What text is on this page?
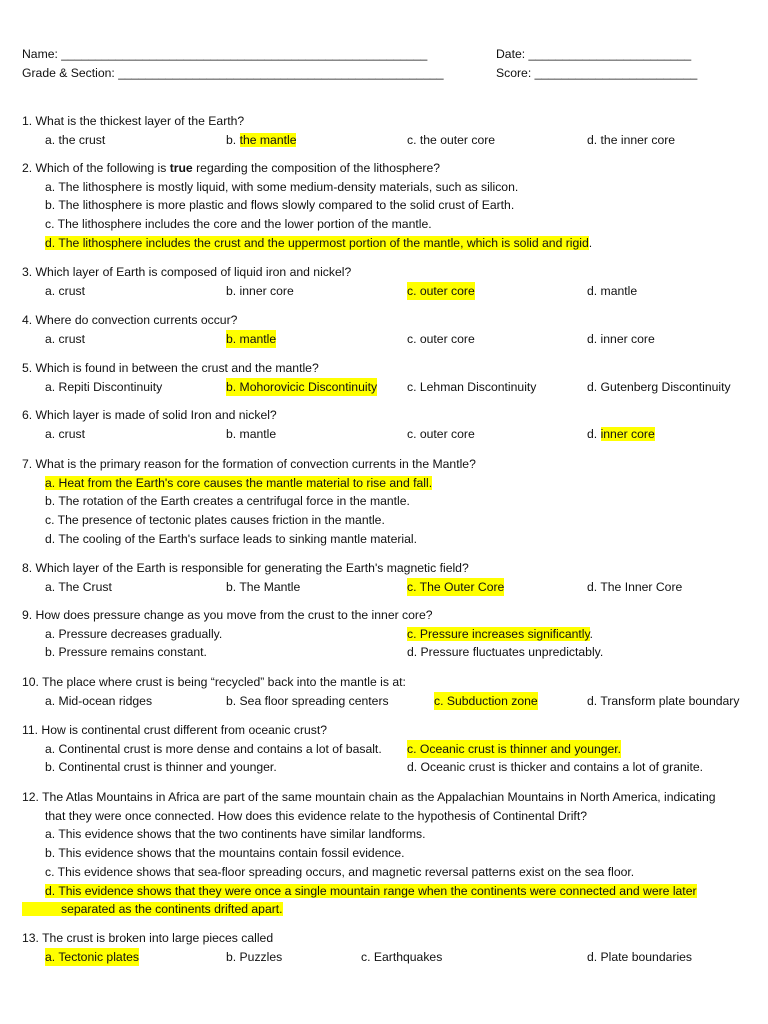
Name: ______________________________________________________
Grade & Section: ________________________________________________
Date: ________________________
Score: ________________________
1. What is the thickest layer of the Earth?
a. the crust	b. the mantle	c. the outer core	d. the inner core
2. Which of the following is true regarding the composition of the lithosphere?
a. The lithosphere is mostly liquid, with some medium-density materials, such as silicon.
b. The lithosphere is more plastic and flows slowly compared to the solid crust of Earth.
c. The lithosphere includes the core and the lower portion of the mantle.
d. The lithosphere includes the crust and the uppermost portion of the mantle, which is solid and rigid.
3. Which layer of Earth is composed of liquid iron and nickel?
a. crust	b. inner core	c. outer core	d. mantle
4. Where do convection currents occur?
a. crust	b. mantle	c. outer core	d. inner core
5. Which is found in between the crust and the mantle?
a. Repiti Discontinuity	b. Mohorovicic Discontinuity c. Lehman Discontinuity	d. Gutenberg Discontinuity
6. Which layer is made of solid Iron and nickel?
a. crust	b. mantle	c. outer core	d. inner core
7. What is the primary reason for the formation of convection currents in the Mantle?
a. Heat from the Earth's core causes the mantle material to rise and fall.
b. The rotation of the Earth creates a centrifugal force in the mantle.
c. The presence of tectonic plates causes friction in the mantle.
d. The cooling of the Earth's surface leads to sinking mantle material.
8. Which layer of the Earth is responsible for generating the Earth's magnetic field?
a. The Crust	b. The Mantle	c. The Outer Core	d. The Inner Core
9. How does pressure change as you move from the crust to the inner core?
a. Pressure decreases gradually.	c. Pressure increases significantly.
b. Pressure remains constant.	d. Pressure fluctuates unpredictably.
10. The place where crust is being “recycled” back into the mantle is at:
a. Mid-ocean ridges	b. Sea floor spreading centers	c. Subduction zone	d. Transform plate boundary
11. How is continental crust different from oceanic crust?
a. Continental crust is more dense and contains a lot of basalt. c. Oceanic crust is thinner and younger.
b. Continental crust is thinner and younger.	d. Oceanic crust is thicker and contains a lot of granite.
12. The Atlas Mountains in Africa are part of the same mountain chain as the Appalachian Mountains in North America, indicating
that they were once connected. How does this evidence relate to the hypothesis of Continental Drift?
a. This evidence shows that the two continents have similar landforms.
b. This evidence shows that the mountains contain fossil evidence.
c. This evidence shows that sea-floor spreading occurs, and magnetic reversal patterns exist on the sea floor.
d. This evidence shows that they were once a single mountain range when the continents were connected and were later
separated as the continents drifted apart.
13. The crust is broken into large pieces called
a. Tectonic plates	b. Puzzles	c. Earthquakes	d. Plate boundaries
